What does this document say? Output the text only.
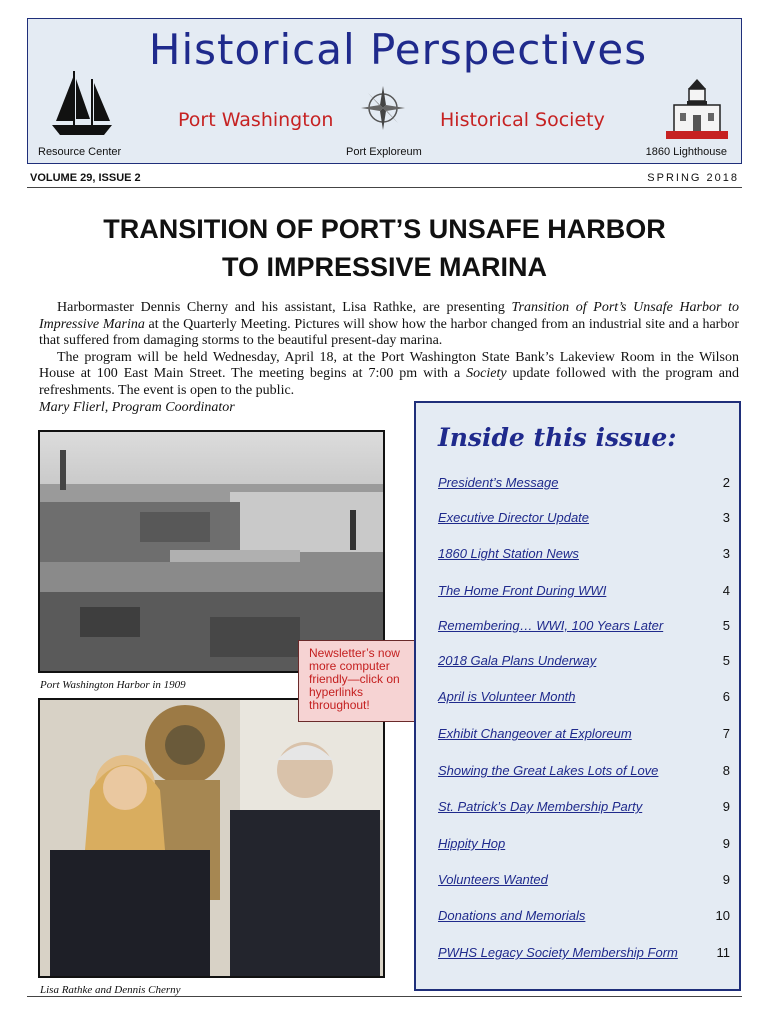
Historical Perspectives
Port Washington	Historical Society
Resource Center	Port Exploreum	1860 Lighthouse
VOLUME 29, ISSUE 2	SPRING 2018
TRANSITION OF PORT’S UNSAFE HARBOR
TO IMPRESSIVE MARINA

Harbormaster Dennis Cherny and his assistant, Lisa Rathke, are presenting Transition of Port’s Unsafe Harbor to Impressive Marina at the Quarterly Meeting. Pictures will show how the harbor changed from an industrial site and a harbor that suffered from damaging storms to the beautiful present-day marina.

The program will be held Wednesday, April 18, at the Port Washington State Bank’s Lakeview Room in the Wilson House at 100 East Main Street. The meeting begins at 7:00 pm with a Society update followed with the program and refreshments. The event is open to the public.

Mary Flierl, Program Coordinator
Port Washington Harbor in 1909
Lisa Rathke and Dennis Cherny
Newsletter’s now more computer friendly—click on hyperlinks throughout!
Inside this issue:
President’s Message	2
Executive Director Update	3
1860 Light Station News	3
The Home Front During WWI	4
Remembering… WWI, 100 Years Later	5
2018 Gala Plans Underway	5
April is Volunteer Month	6
Exhibit Changeover at Exploreum	7
Showing the Great Lakes Lots of Love	8
St. Patrick’s Day Membership Party	9
Hippity Hop	9
Volunteers Wanted	9
Donations and Memorials	10
PWHS Legacy Society Membership Form	11
